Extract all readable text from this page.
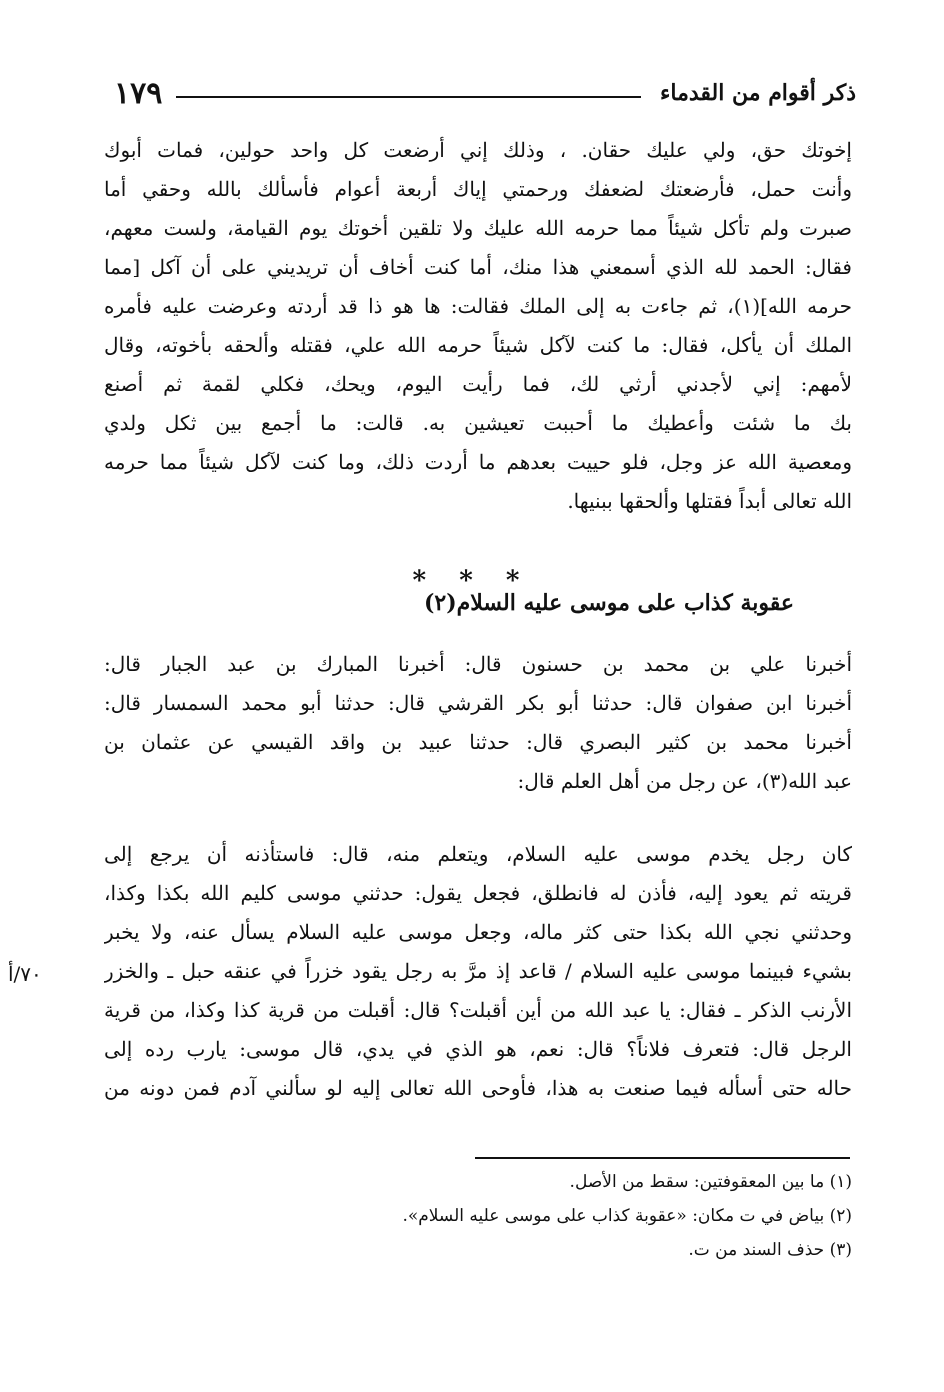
١٧٩	ذكر أقوام من القدماء
إخوتك حق، ولي عليك حقان. ، وذلك إني أرضعت كل واحد حولين، فمات أبوك
وأنت حمل، فأرضعتك لضعفك ورحمتي إياك أربعة أعوام فأسألك بالله وحقي أما
صبرت ولم تأكل شيئاً مما حرمه الله عليك ولا تلقين أخوتك يوم القيامة، ولست معهم،
فقال: الحمد لله الذي أسمعني هذا منك، أما كنت أخاف أن تريديني على أن آكل [مما
حرمه الله](١)، ثم جاءت به إلى الملك فقالت: ها هو ذا قد أردته وعرضت عليه فأمره
الملك أن يأكل، فقال: ما كنت لآكل شيئاً حرمه الله علي، فقتله وألحقه بأخوته، وقال
لأمهم: إني لأجدني أرثي لك، فما رأيت اليوم، ويحك، فكلي لقمة ثم أصنع
بك ما شئت وأعطيك ما أحببت تعيشين به. قالت: ما أجمع بين ثكل ولدي
ومعصية الله عز وجل، فلو حييت بعدهم ما أردت ذلك، وما كنت لآكل شيئاً مما حرمه
الله تعالى أبداً فقتلها وألحقها ببنيها.
* * *
عقوبة كذاب على موسى عليه السلام(٢)
أخبرنا علي بن محمد بن حسنون قال: أخبرنا المبارك بن عبد الجبار قال:
أخبرنا ابن صفوان قال: حدثنا أبو بكر القرشي قال: حدثنا أبو محمد السمسار قال:
أخبرنا محمد بن كثير البصري قال: حدثنا عبيد بن واقد القيسي عن عثمان بن
عبد الله(٣)، عن رجل من أهل العلم قال:
كان رجل يخدم موسى عليه السلام، ويتعلم منه، قال: فاستأذنه أن يرجع إلى
قريته ثم يعود إليه، فأذن له فانطلق، فجعل يقول: حدثني موسى كليم الله بكذا وكذا،
وحدثني نجي الله بكذا حتى كثر ماله، وجعل موسى عليه السلام يسأل عنه، ولا يخبر
بشيء فبينما موسى عليه السلام / قاعد إذ مرَّ به رجل يقود خزراً في عنقه حبل ـ والخزر
الأرنب الذكر ـ فقال: يا عبد الله من أين أقبلت؟ قال: أقبلت من قرية كذا وكذا، من قرية
الرجل قال: فتعرف فلاناً؟ قال: نعم، هو الذي في يدي، قال موسى: يارب رده إلى
حاله حتى أسأله فيما صنعت به هذا، فأوحى الله تعالى إليه لو سألني آدم فمن دونه من
٧٠/أ
(١) ما بين المعقوفتين: سقط من الأصل.
(٢) بياض في ت مكان: «عقوبة كذاب على موسى عليه السلام».
(٣) حذف السند من ت.
